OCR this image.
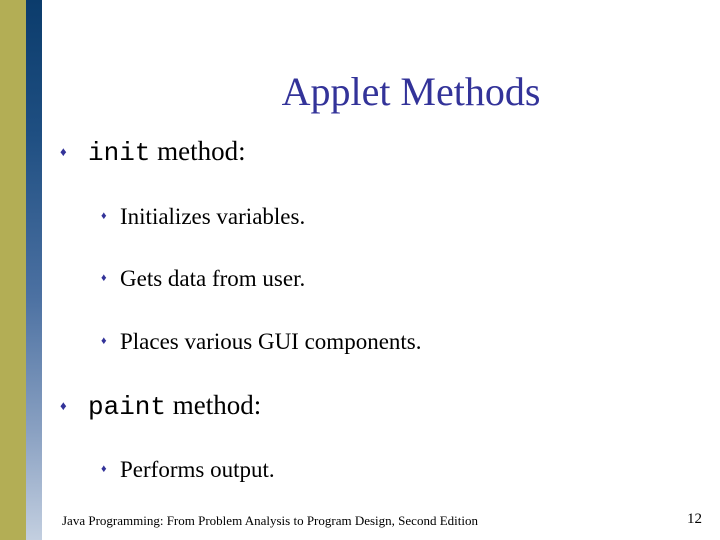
Applet Methods
♦ init method:
♦ Initializes variables.
♦ Gets data from user.
♦ Places various GUI components.
♦ paint method:
♦ Performs output.
Java Programming: From Problem Analysis to Program Design, Second Edition	12
